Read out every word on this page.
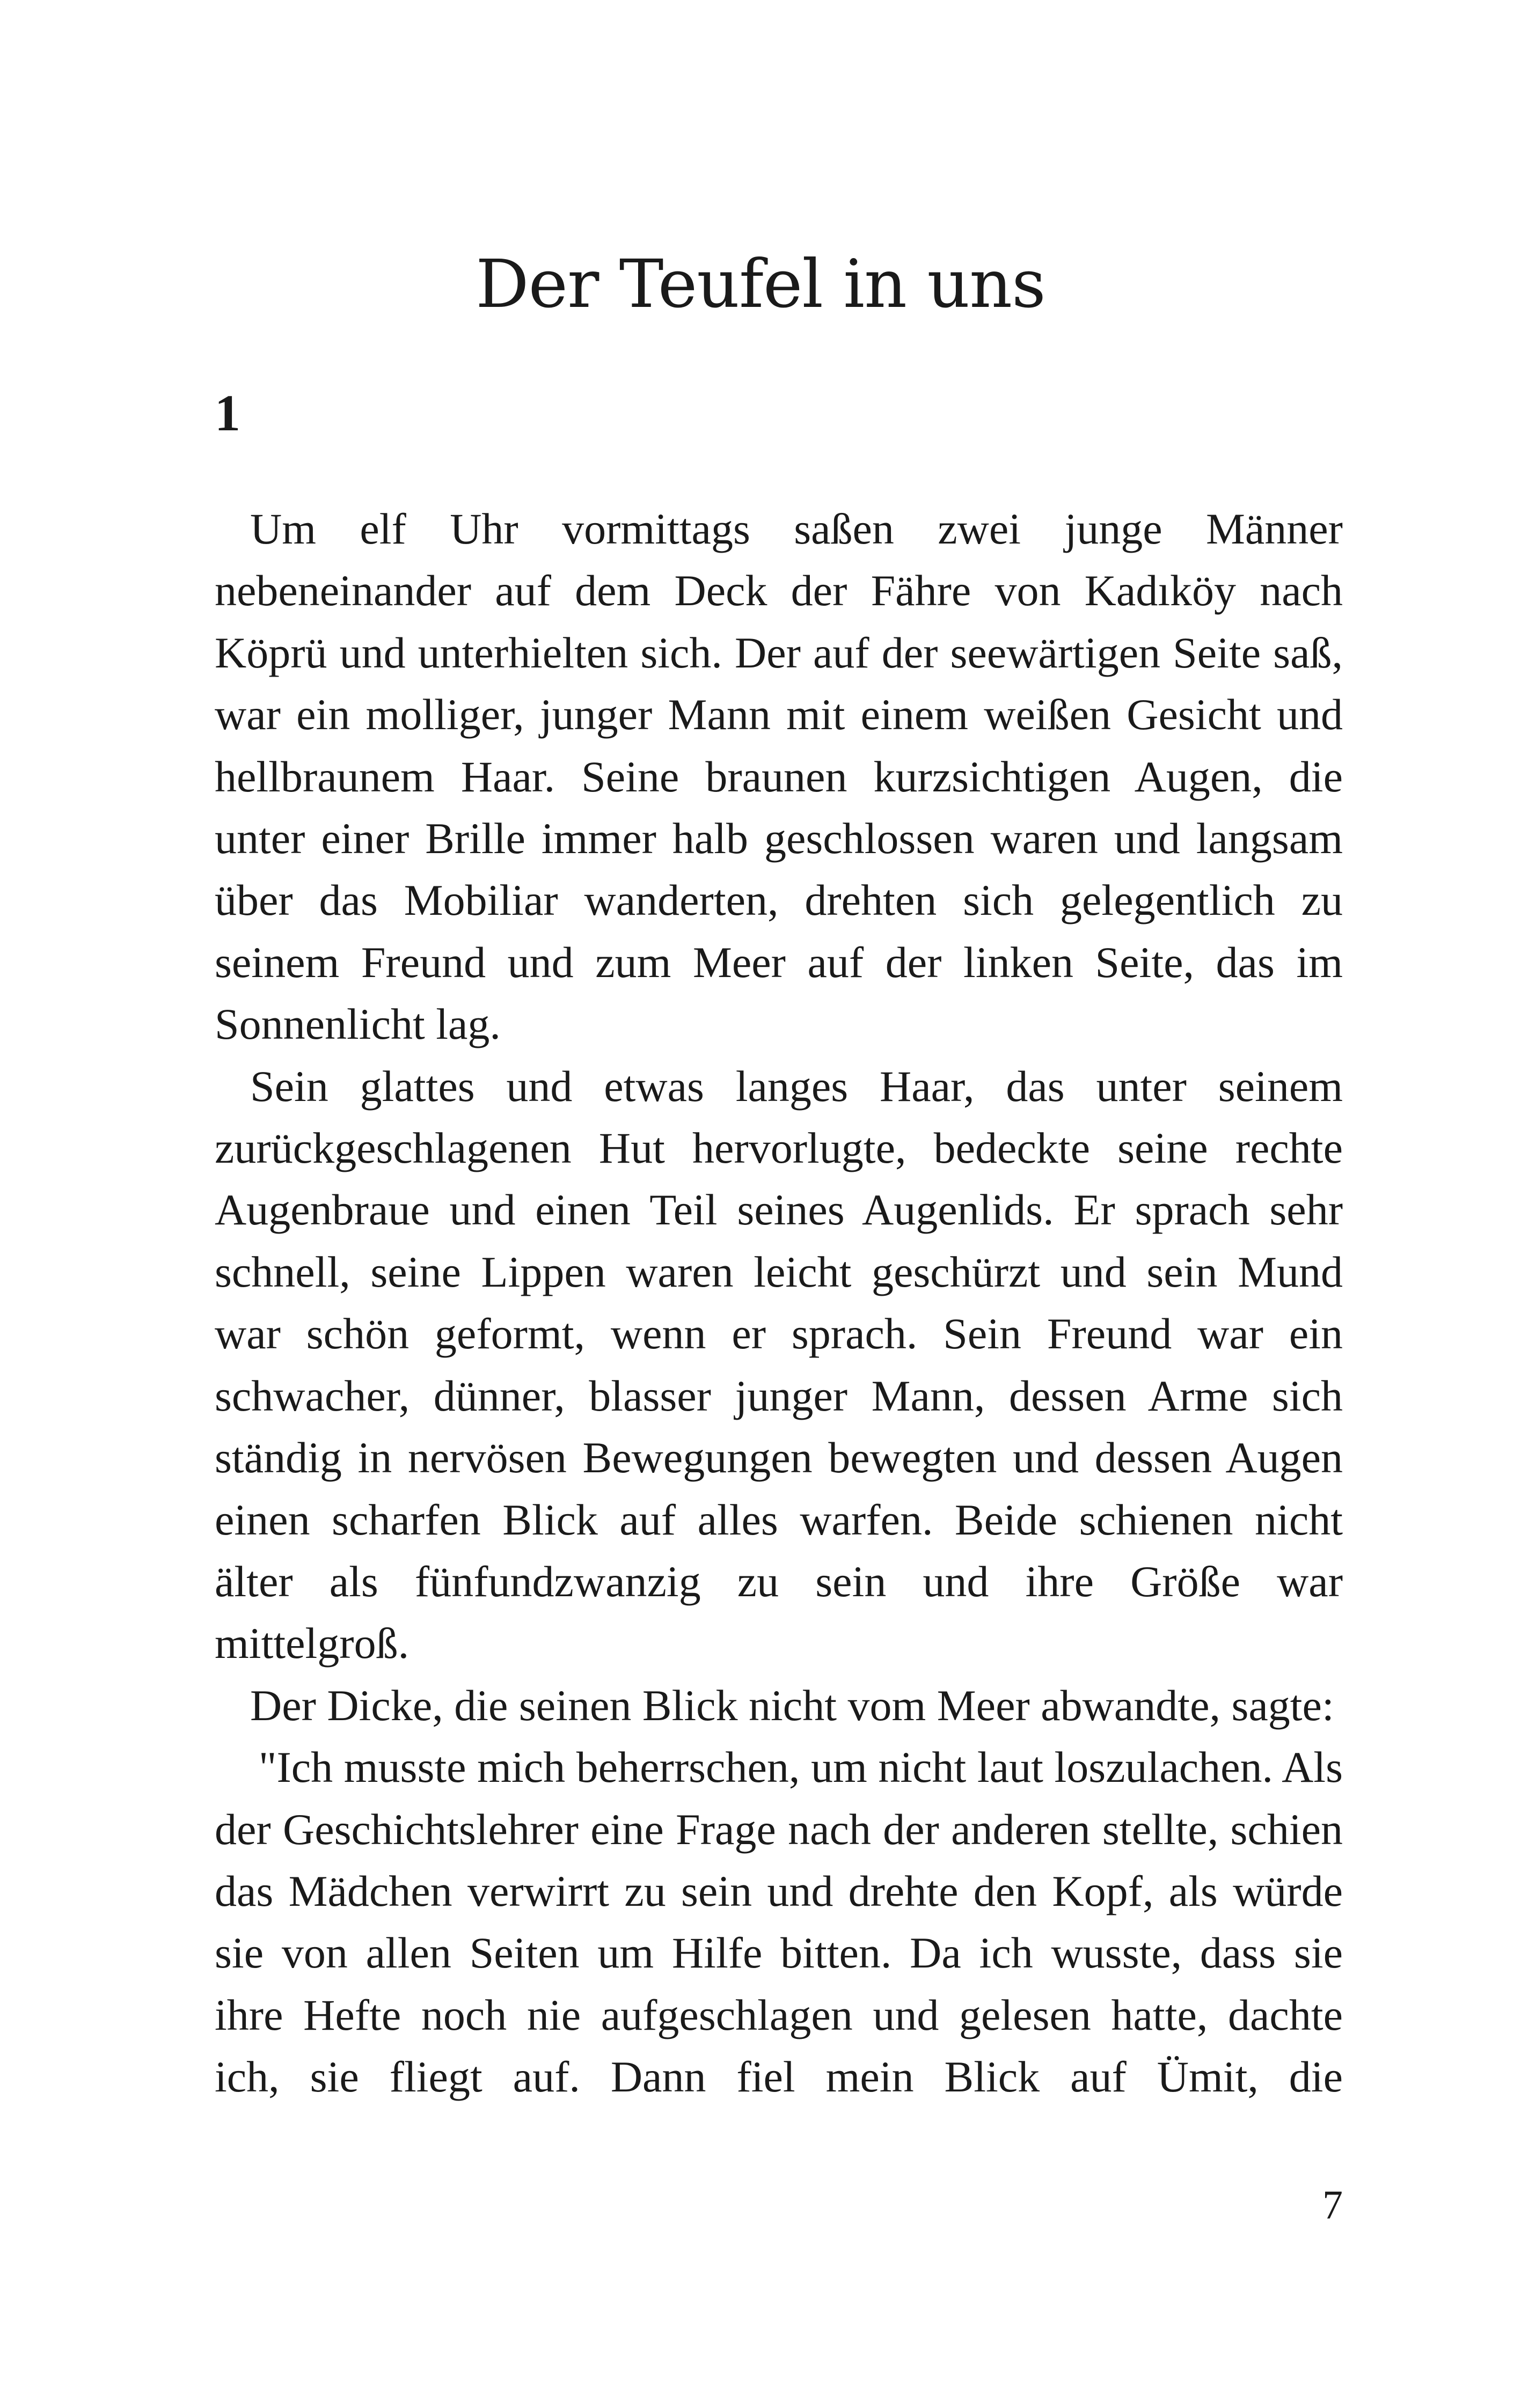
Der Teufel in uns
1

Um elf Uhr vormittags saßen zwei junge Männer nebeneinander auf dem Deck der Fähre von Kadıköy nach Köprü und unterhielten sich. Der auf der seewärtigen Seite saß, war ein molliger, junger Mann mit einem weißen Gesicht und hellbraunem Haar. Seine braunen kurzsichtigen Augen, die unter einer Brille immer halb geschlossen waren und langsam über das Mobiliar wanderten, drehten sich gelegentlich zu seinem Freund und zum Meer auf der linken Seite, das im Sonnenlicht lag.

Sein glattes und etwas langes Haar, das unter seinem zurückgeschlagenen Hut hervorlugte, bedeckte seine rechte Augenbraue und einen Teil seines Augenlids. Er sprach sehr schnell, seine Lippen waren leicht geschürzt und sein Mund war schön geformt, wenn er sprach. Sein Freund war ein schwacher, dünner, blasser junger Mann, dessen Arme sich ständig in nervösen Bewegungen bewegten und dessen Augen einen scharfen Blick auf alles warfen. Beide schienen nicht älter als fünfundzwanzig zu sein und ihre Größe war mittelgroß.

Der Dicke, die seinen Blick nicht vom Meer abwandte, sagte:

"Ich musste mich beherrschen, um nicht laut loszulachen. Als der Geschichtslehrer eine Frage nach der anderen stellte, schien das Mädchen verwirrt zu sein und drehte den Kopf, als würde sie von allen Seiten um Hilfe bitten. Da ich wusste, dass sie ihre Hefte noch nie aufgeschlagen und gelesen hatte, dachte ich, sie fliegt auf. Dann fiel mein Blick auf Ümit, die

7
